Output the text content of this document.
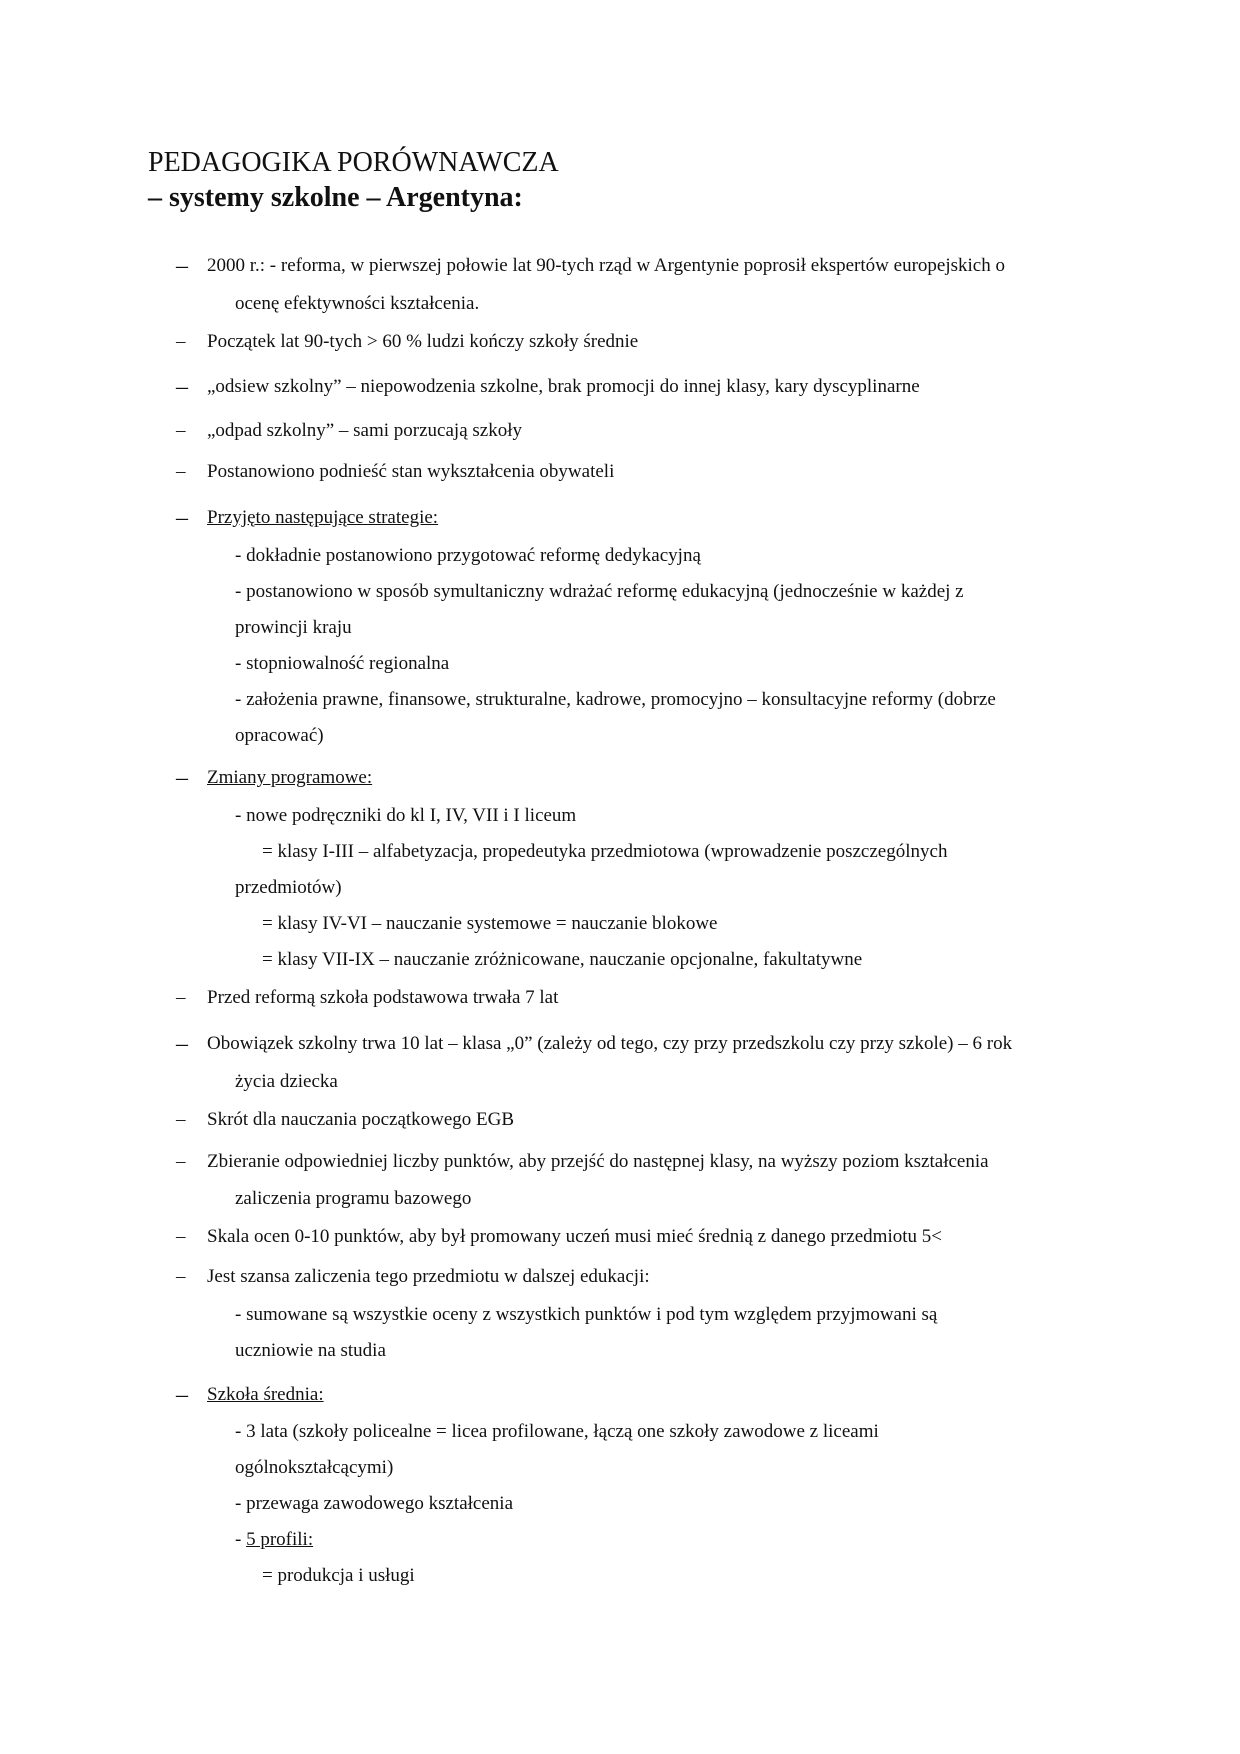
PEDAGOGIKA PORÓWNAWCZA
– systemy szkolne – Argentyna:
– 2000 r.: - reforma, w pierwszej połowie lat 90-tych rząd w Argentynie poprosił ekspertów europejskich o
ocenę efektywności kształcenia.
– Początek lat 90-tych > 60 % ludzi kończy szkoły średnie
– „odsiew szkolny” – niepowodzenia szkolne, brak promocji do innej klasy, kary dyscyplinarne
– „odpad szkolny” – sami porzucają szkoły
– Postanowiono podnieść stan wykształcenia obywateli
– Przyjęto następujące strategie:
- dokładnie postanowiono przygotować reformę dedykacyjną
- postanowiono w sposób symultaniczny wdrażać reformę edukacyjną (jednocześnie w każdej z
prowincji kraju
- stopniowalność regionalna
- założenia prawne, finansowe, strukturalne, kadrowe, promocyjno – konsultacyjne reformy (dobrze
opracować)
– Zmiany programowe:
- nowe podręczniki do kl I, IV, VII i I liceum
= klasy I-III – alfabetyzacja, propedeutyka przedmiotowa (wprowadzenie poszczególnych
przedmiotów)
= klasy IV-VI – nauczanie systemowe = nauczanie blokowe
= klasy VII-IX – nauczanie zróżnicowane, nauczanie opcjonalne, fakultatywne
– Przed reformą szkoła podstawowa trwała 7 lat
– Obowiązek szkolny trwa 10 lat – klasa „0” (zależy od tego, czy przy przedszkolu czy przy szkole) – 6 rok
życia dziecka
– Skrót dla nauczania początkowego EGB
– Zbieranie odpowiedniej liczby punktów, aby przejść do następnej klasy, na wyższy poziom kształcenia
zaliczenia programu bazowego
– Skala ocen 0-10 punktów, aby był promowany uczeń musi mieć średnią z danego przedmiotu 5<
– Jest szansa zaliczenia tego przedmiotu w dalszej edukacji:
- sumowane są wszystkie oceny z wszystkich punktów i pod tym względem przyjmowani są
uczniowie na studia
– Szkoła średnia:
- 3 lata (szkoły policealne = licea profilowane, łączą one szkoły zawodowe z liceami
ogólnokształcącymi)
- przewaga zawodowego kształcenia
- 5 profili:
= produkcja i usługi
